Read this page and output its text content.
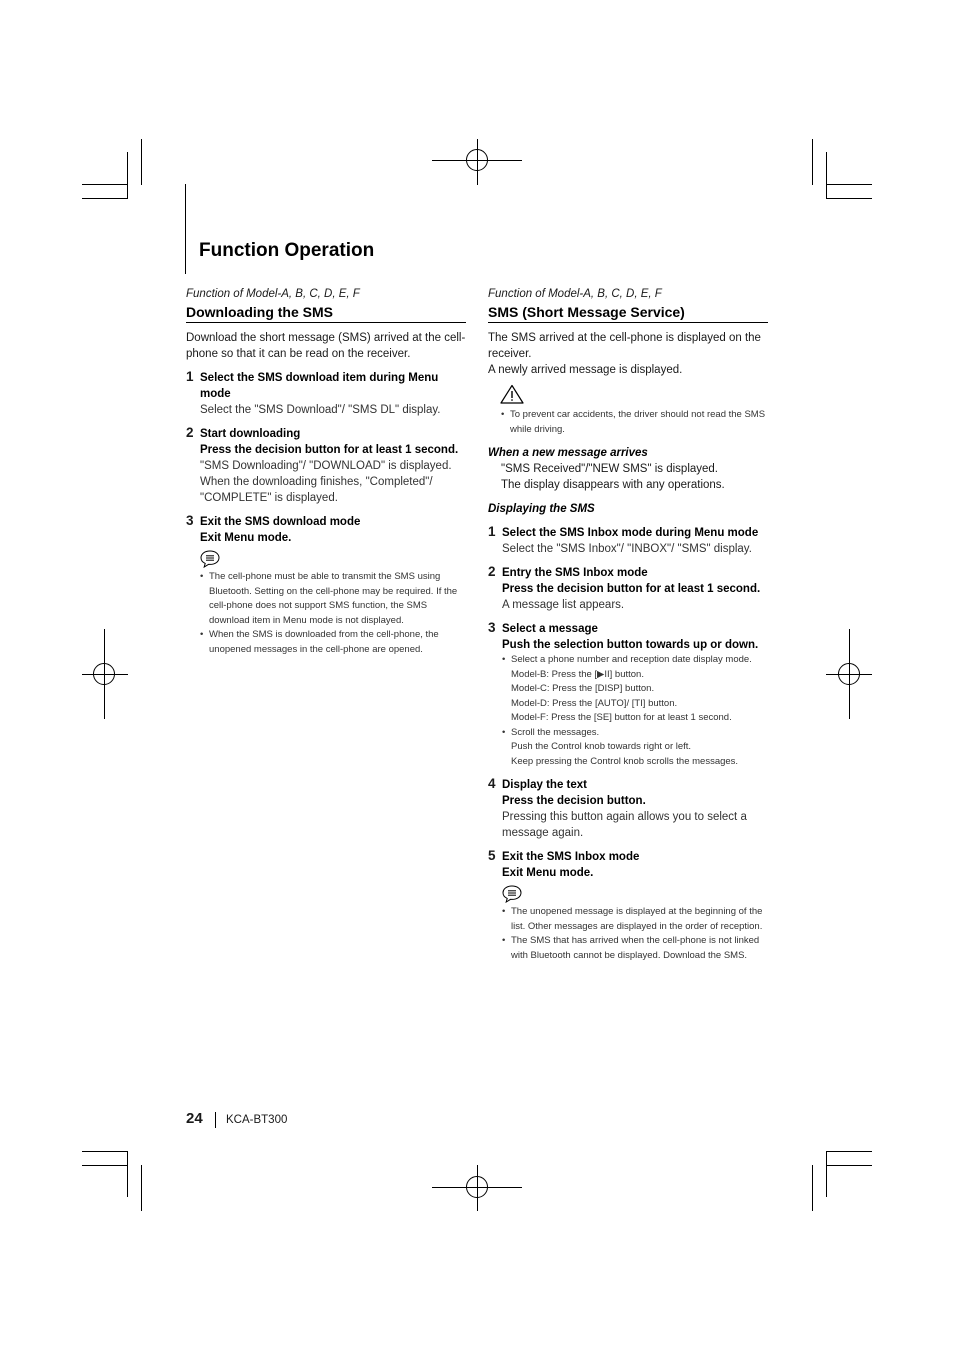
Function Operation
Function of Model-A, B, C, D, E, F
Downloading the SMS
Download the short message (SMS) arrived at the cell-phone so that it can be read on the receiver.
1 Select the SMS download item during Menu mode
Select the "SMS Download"/ "SMS DL" display.
2 Start downloading
Press the decision button for at least 1 second.
"SMS Downloading"/ "DOWNLOAD" is displayed. When the downloading finishes, "Completed"/ "COMPLETE" is displayed.
3 Exit the SMS download mode
Exit Menu mode.
• The cell-phone must be able to transmit the SMS using Bluetooth. Setting on the cell-phone may be required. If the cell-phone does not support SMS function, the SMS download item in Menu mode is not displayed.
• When the SMS is downloaded from the cell-phone, the unopened messages in the cell-phone are opened.
Function of Model-A, B, C, D, E, F
SMS (Short Message Service)
The SMS arrived at the cell-phone is displayed on the receiver.
A newly arrived message is displayed.
• To prevent car accidents, the driver should not read the SMS while driving.
When a new message arrives
"SMS Received"/"NEW SMS" is displayed.
The display disappears with any operations.
Displaying the SMS
1 Select the SMS Inbox mode during Menu mode
Select the "SMS Inbox"/ "INBOX"/ "SMS" display.
2 Entry the SMS Inbox mode
Press the decision button for at least 1 second.
A message list appears.
3 Select a message
Push the selection button towards up or down.
• Select a phone number and reception date display mode.
Model-B: Press the [▶II] button.
Model-C: Press the [DISP] button.
Model-D: Press the [AUTO]/ [TI] button.
Model-F: Press the [SE] button for at least 1 second.
• Scroll the messages.
Push the Control knob towards right or left.
Keep pressing the Control knob scrolls the messages.
4 Display the text
Press the decision button.
Pressing this button again allows you to select a message again.
5 Exit the SMS Inbox mode
Exit Menu mode.
• The unopened message is displayed at the beginning of the list. Other messages are displayed in the order of reception.
• The SMS that has arrived when the cell-phone is not linked with Bluetooth cannot be displayed. Download the SMS.
24 KCA-BT300
